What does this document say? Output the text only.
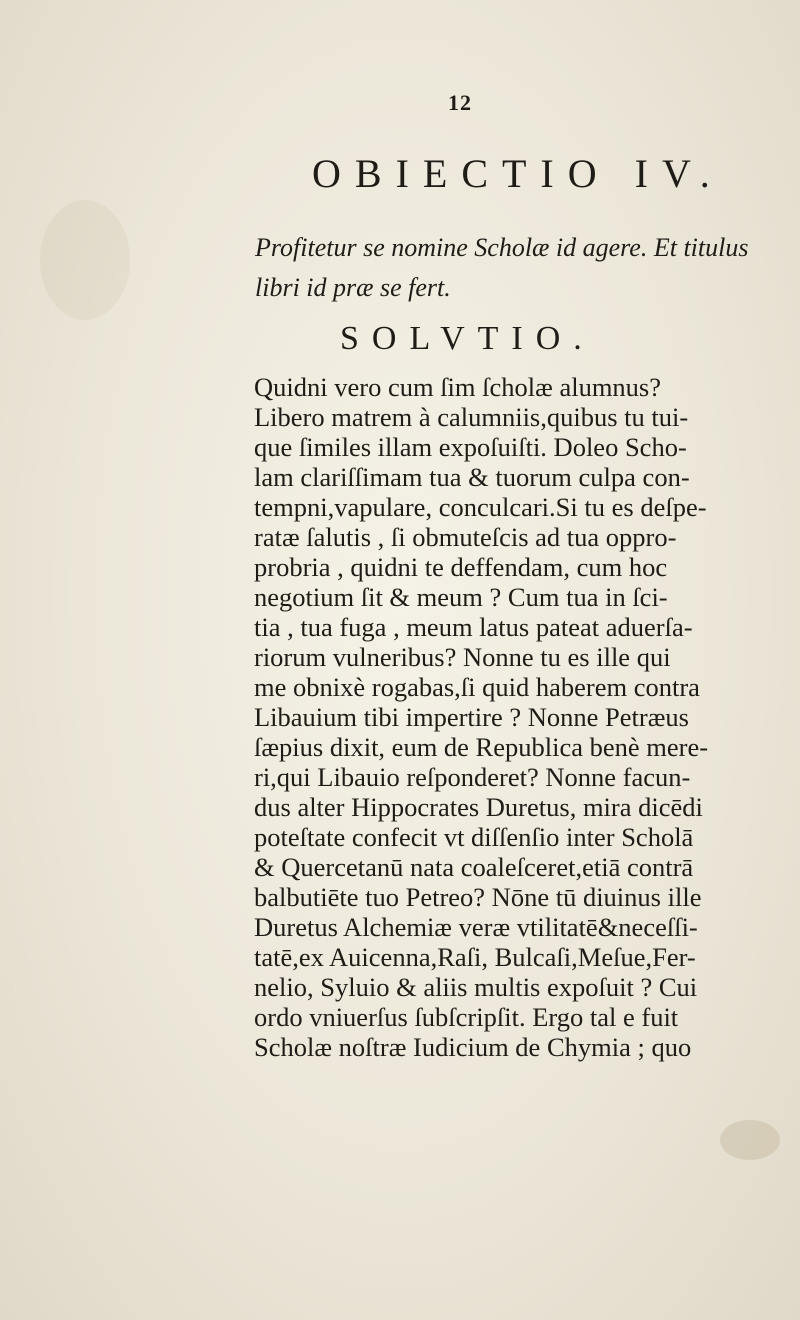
12
OBIECTIO IV.
Profitetur se nomine Scholæ id agere. Et titulus
libri id præ se fert.
SOLVTIO.
Quidni vero cum ſim ſcholæ alumnus?
Libero matrem à calumniis,quibus tu tui-
que ſimiles illam expoſuiſti. Doleo Scho-
lam clariſſimam tua & tuorum culpa con-
tempni,vapulare, conculcari.Si tu es deſpe-
ratæ ſalutis , ſi obmuteſcis ad tua oppro-
probria , quidni te deffendam, cum hoc
negotium ſit & meum ? Cum tua in ſci-
tia , tua fuga , meum latus pateat aduerſa-
riorum vulneribus? Nonne tu es ille qui
me obnixè rogabas,ſi quid haberem contra
Libauium tibi impertire ? Nonne Petræus
ſæpius dixit, eum de Republica benè mere-
ri,qui Libauio reſponderet? Nonne facun-
dus alter Hippocrates Duretus, mira dicēdi
poteſtate confecit vt diſſenſio inter Scholā
& Quercetanū nata coaleſceret,etiā contrā
balbutiēte tuo Petreo? Nōne tū diuinus ille
Duretus Alchemiæ veræ vtilitatē&neceſſi-
tatē,ex Auicenna,Raſi, Bulcaſi,Meſue,Fer-
nelio, Syluio & aliis multis expoſuit ? Cui
ordo vniuerſus ſubſcripſit. Ergo tal e fuit
Scholæ noſtræ Iudicium de Chymia ; quo
